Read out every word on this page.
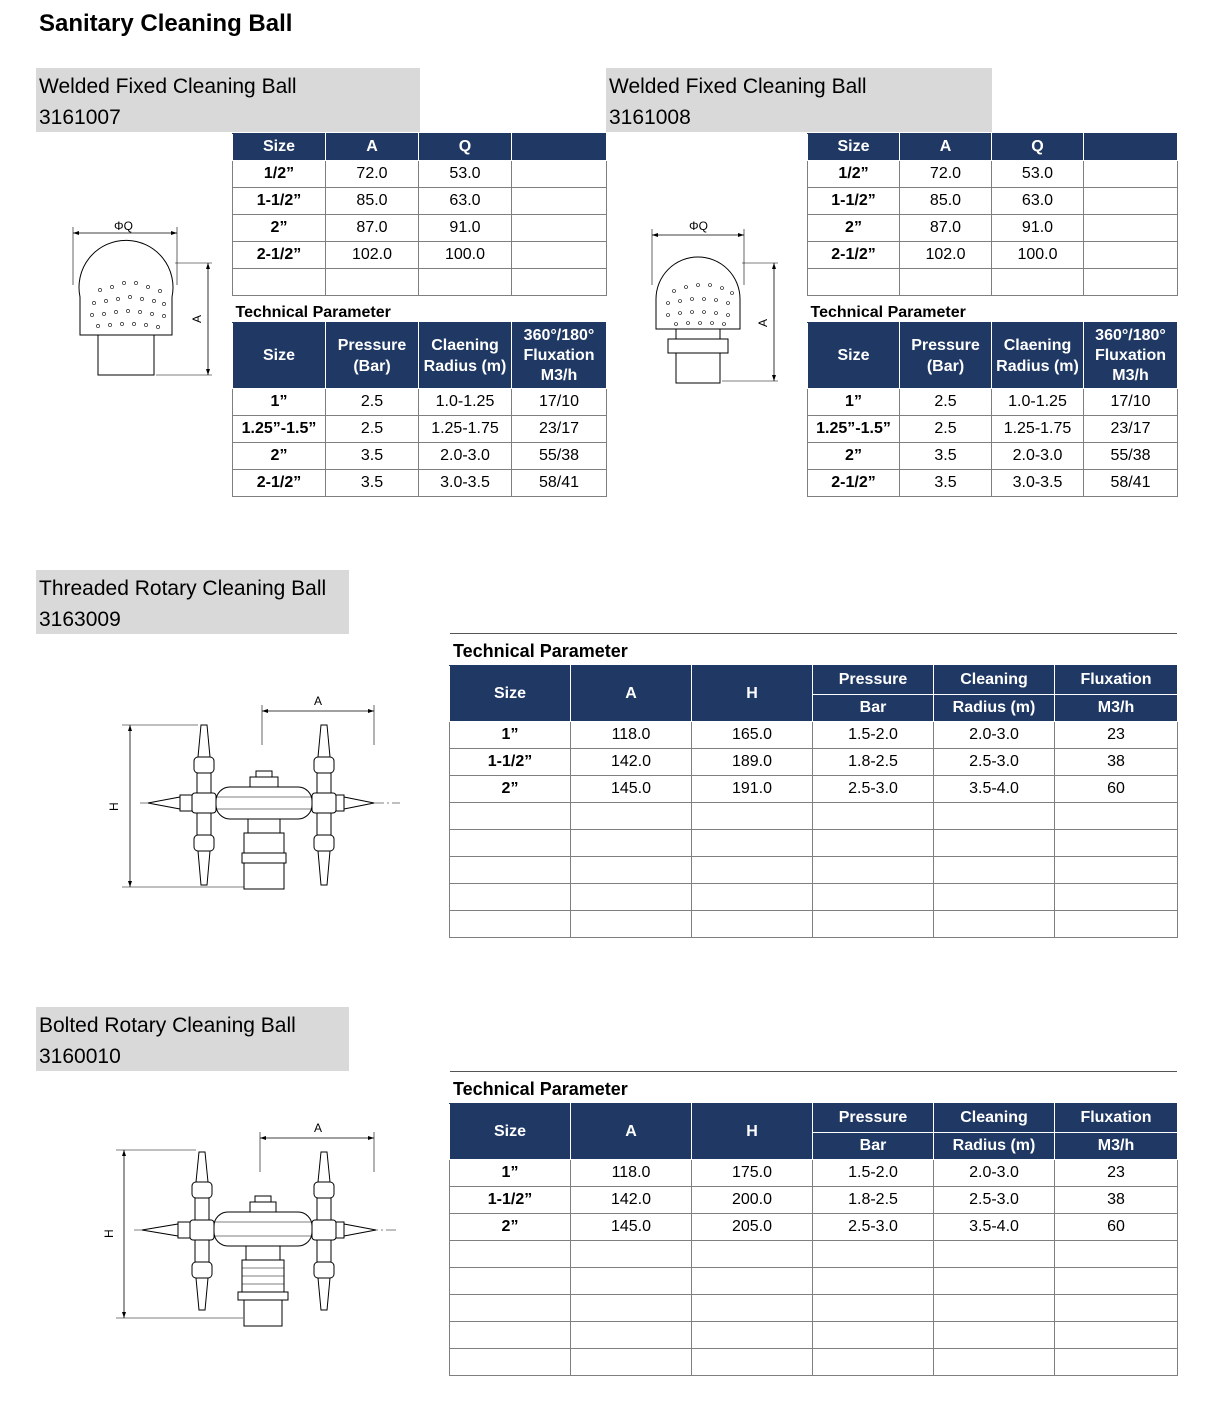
Sanitary Cleaning Ball
Welded Fixed Cleaning Ball
3161007
ΦQ
A
Size	A	Q	
1/2”	72.0	53.0	
1-1/2”	85.0	63.0	
2”	87.0	91.0	
2-1/2”	102.0	100.0	

Technical Parameter			
Size	Pressure (Bar)	Claening Radius (m)	360°/180° Fluxation M3/h
1”	2.5	1.0-1.25	17/10
1.25”-1.5”	2.5	1.25-1.75	23/17
2”	3.5	2.0-3.0	55/38
2-1/2”	3.5	3.0-3.5	58/41
Welded Fixed Cleaning Ball
3161008
ΦQ
A
Size	A	Q	
1/2”	72.0	53.0	
1-1/2”	85.0	63.0	
2”	87.0	91.0	
2-1/2”	102.0	100.0	

Technical Parameter			
Size	Pressure (Bar)	Claening Radius (m)	360°/180° Fluxation M3/h
1”	2.5	1.0-1.25	17/10
1.25”-1.5”	2.5	1.25-1.75	23/17
2”	3.5	2.0-3.0	55/38
2-1/2”	3.5	3.0-3.5	58/41
Threaded Rotary Cleaning Ball
3163009
A
H
Technical Parameter
Size	A	H	Pressure	Cleaning	Fluxation
			Bar	Radius (m)	M3/h
1”	118.0	165.0	1.5-2.0	2.0-3.0	23
1-1/2”	142.0	189.0	1.8-2.5	2.5-3.0	38
2”	145.0	191.0	2.5-3.0	3.5-4.0	60

Bolted Rotary Cleaning Ball
3160010
A
H
Technical Parameter
Size	A	H	Pressure	Cleaning	Fluxation
			Bar	Radius (m)	M3/h
1”	118.0	175.0	1.5-2.0	2.0-3.0	23
1-1/2”	142.0	200.0	1.8-2.5	2.5-3.0	38
2”	145.0	205.0	2.5-3.0	3.5-4.0	60
